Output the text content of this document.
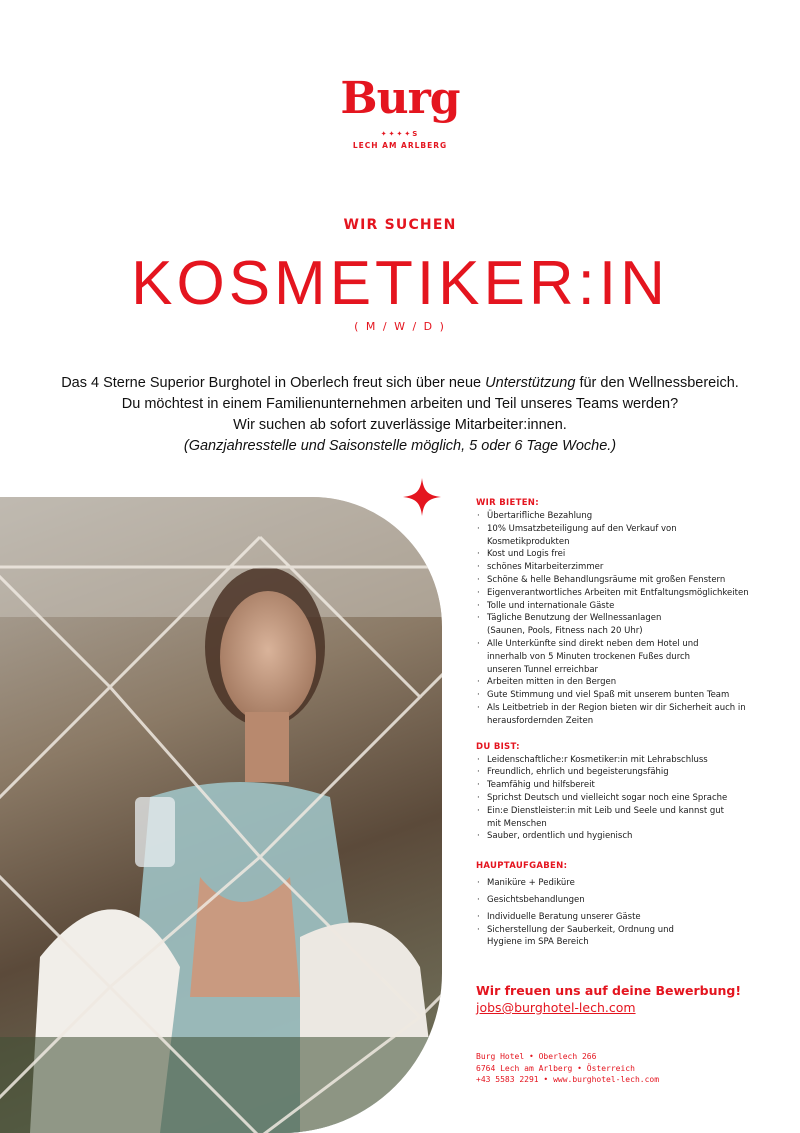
Burg
✦✦✦✦S
LECH AM ARLBERG
WIR SUCHEN
KOSMETIKER:IN
( M / W / D )

Das 4 Sterne Superior Burghotel in Oberlech freut sich über neue Unterstützung für den Wellnessbereich.

Du möchtest in einem Familienunternehmen arbeiten und Teil unseres Teams werden?

Wir suchen ab sofort zuverlässige Mitarbeiter:innen.

(Ganzjahresstelle und Saisonstelle möglich, 5 oder 6 Tage Woche.)

WIR BIETEN:
· Übertarifliche Bezahlung
· 10% Umsatzbeteiligung auf den Verkauf von Kosmetikprodukten
· Kost und Logis frei
· schönes Mitarbeiterzimmer
· Schöne & helle Behandlungsräume mit großen Fenstern
· Eigenverantwortliches Arbeiten mit Entfaltungsmöglichkeiten
· Tolle und internationale Gäste
· Tägliche Benutzung der Wellnessanlagen (Saunen, Pools, Fitness nach 20 Uhr)
· Alle Unterkünfte sind direkt neben dem Hotel und innerhalb von 5 Minuten trockenen Fußes durch unseren Tunnel erreichbar
· Arbeiten mitten in den Bergen
· Gute Stimmung und viel Spaß mit unserem bunten Team
· Als Leitbetrieb in der Region bieten wir dir Sicherheit auch in herausfordernden Zeiten
DU BIST:
· Leidenschaftliche:r Kosmetiker:in mit Lehrabschluss
· Freundlich, ehrlich und begeisterungsfähig
· Teamfähig und hilfsbereit
· Sprichst Deutsch und vielleicht sogar noch eine Sprache
· Ein:e Dienstleister:in mit Leib und Seele und kannst gut mit Menschen
· Sauber, ordentlich und hygienisch
HAUPTAUFGABEN:
· Maniküre + Pediküre
· Gesichtsbehandlungen
· Individuelle Beratung unserer Gäste
· Sicherstellung der Sauberkeit, Ordnung und Hygiene im SPA Bereich
Wir freuen uns auf deine Bewerbung!
jobs@burghotel-lech.com
Burg Hotel • Oberlech 266
6764 Lech am Arlberg • Österreich
+43 5583 2291 • www.burghotel-lech.com
